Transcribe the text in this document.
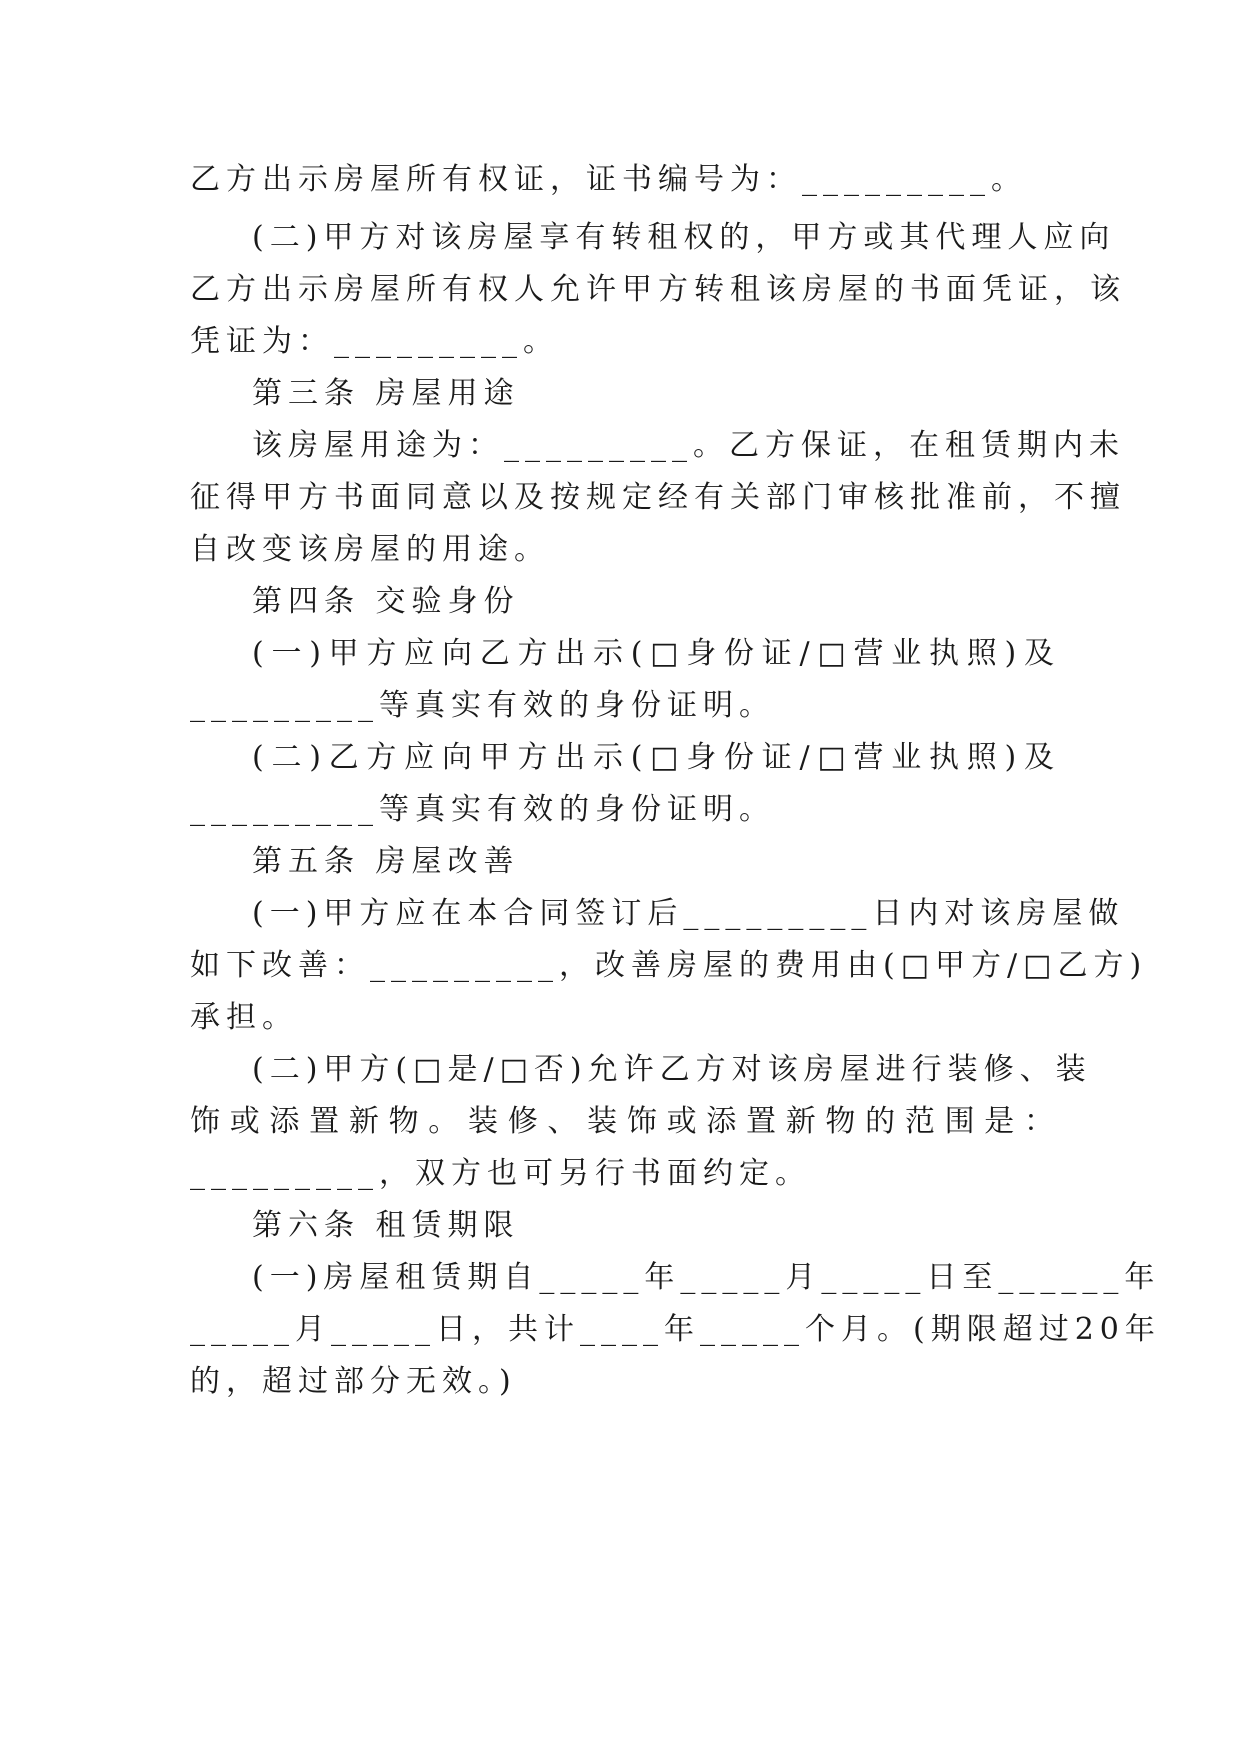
乙方出示房屋所有权证，证书编号为：_________。
(二)甲方对该房屋享有转租权的，甲方或其代理人应向
乙方出示房屋所有权人允许甲方转租该房屋的书面凭证，该
凭证为：_________。
第三条 房屋用途
该房屋用途为：_________。乙方保证，在租赁期内未
征得甲方书面同意以及按规定经有关部门审核批准前，不擅
自改变该房屋的用途。
第四条 交验身份
(一)甲方应向乙方出示(□身份证/□营业执照)及
_________等真实有效的身份证明。
(二)乙方应向甲方出示(□身份证/□营业执照)及
_________等真实有效的身份证明。
第五条 房屋改善
(一)甲方应在本合同签订后_________日内对该房屋做
如下改善：_________，改善房屋的费用由(□甲方/□乙方)
承担。
(二)甲方(□是/□否)允许乙方对该房屋进行装修、装
饰或添置新物。装修、装饰或添置新物的范围是：
_________，双方也可另行书面约定。
第六条 租赁期限
(一)房屋租赁期自_____年_____月_____日至______年
_____月_____日，共计____年_____个月。(期限超过20年
的，超过部分无效。)
